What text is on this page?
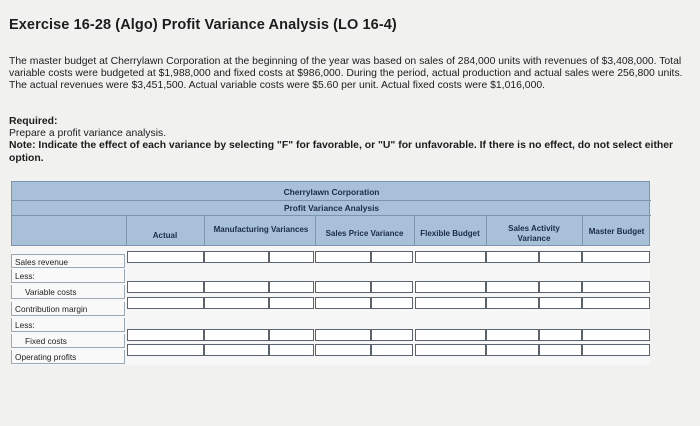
Exercise 16-28 (Algo) Profit Variance Analysis (LO 16-4)
The master budget at Cherrylawn Corporation at the beginning of the year was based on sales of 284,000 units with revenues of $3,408,000. Total variable costs were budgeted at $1,988,000 and fixed costs at $986,000. During the period, actual production and actual sales were 256,800 units. The actual revenues were $3,451,500. Actual variable costs were $5.60 per unit. Actual fixed costs were $1,016,000.
Required:
Prepare a profit variance analysis.
Note: Indicate the effect of each variance by selecting "F" for favorable, or "U" for unfavorable. If there is no effect, do not select either option.
Cherrylawn Corporation
Profit Variance Analysis
Actual
Manufacturing Variances	Sales Price Variance	Flexible Budget
Sales Activity Variance
Master Budget
Sales revenue
Less:
Variable costs
Contribution margin
Less:
Fixed costs
Operating profits
